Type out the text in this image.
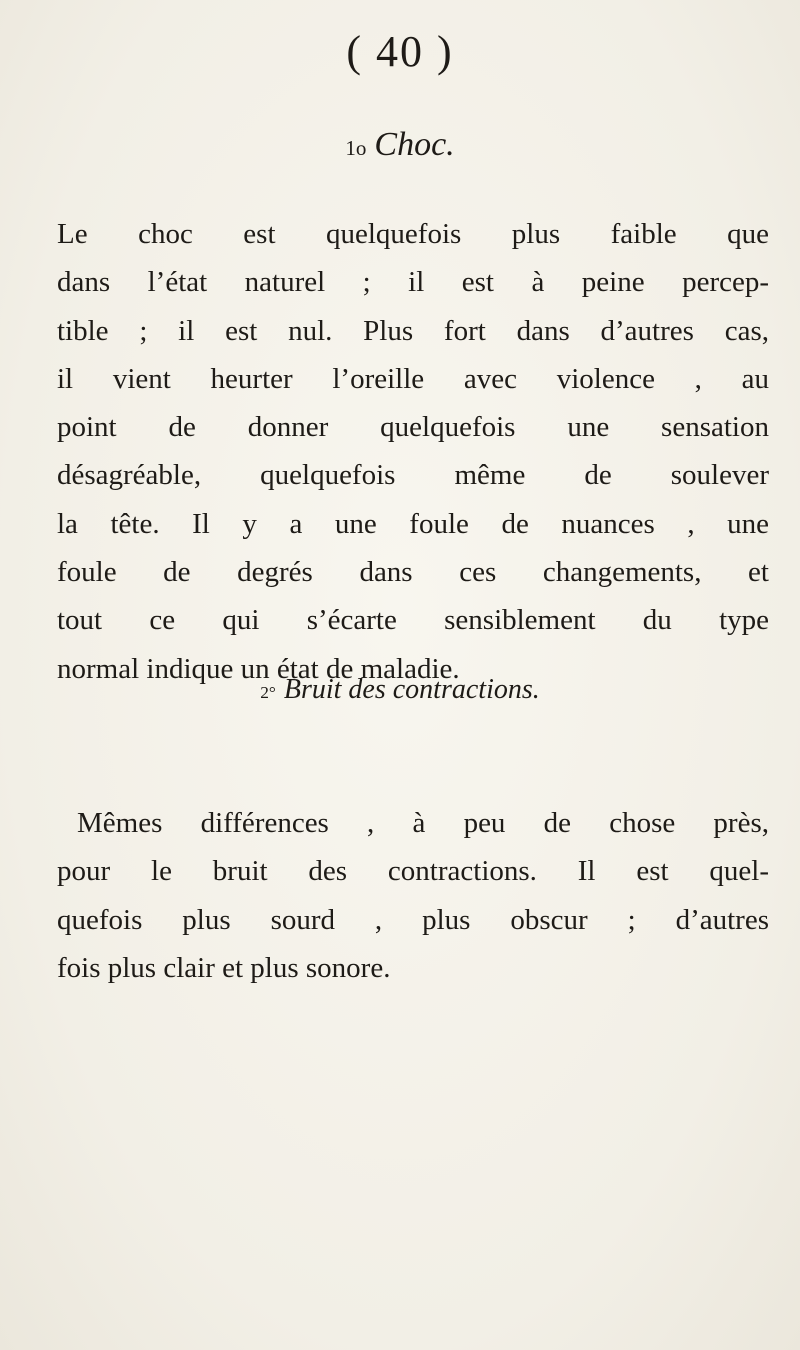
( 40 )
1o Choc.
Le choc est quelquefois plus faible que
dans l’état naturel ; il est à peine percep-
tible ; il est nul. Plus fort dans d’autres cas,
il vient heurter l’oreille avec violence , au
point de donner quelquefois une sensation
désagréable, quelquefois même de soulever
la tête. Il y a une foule de nuances , une
foule de degrés dans ces changements, et
tout ce qui s’écarte sensiblement du type
normal indique un état de maladie.
2° Bruit des contractions.
Mêmes différences , à peu de chose près,
pour le bruit des contractions. Il est quel-
quefois plus sourd , plus obscur ; d’autres
fois plus clair et plus sonore.
